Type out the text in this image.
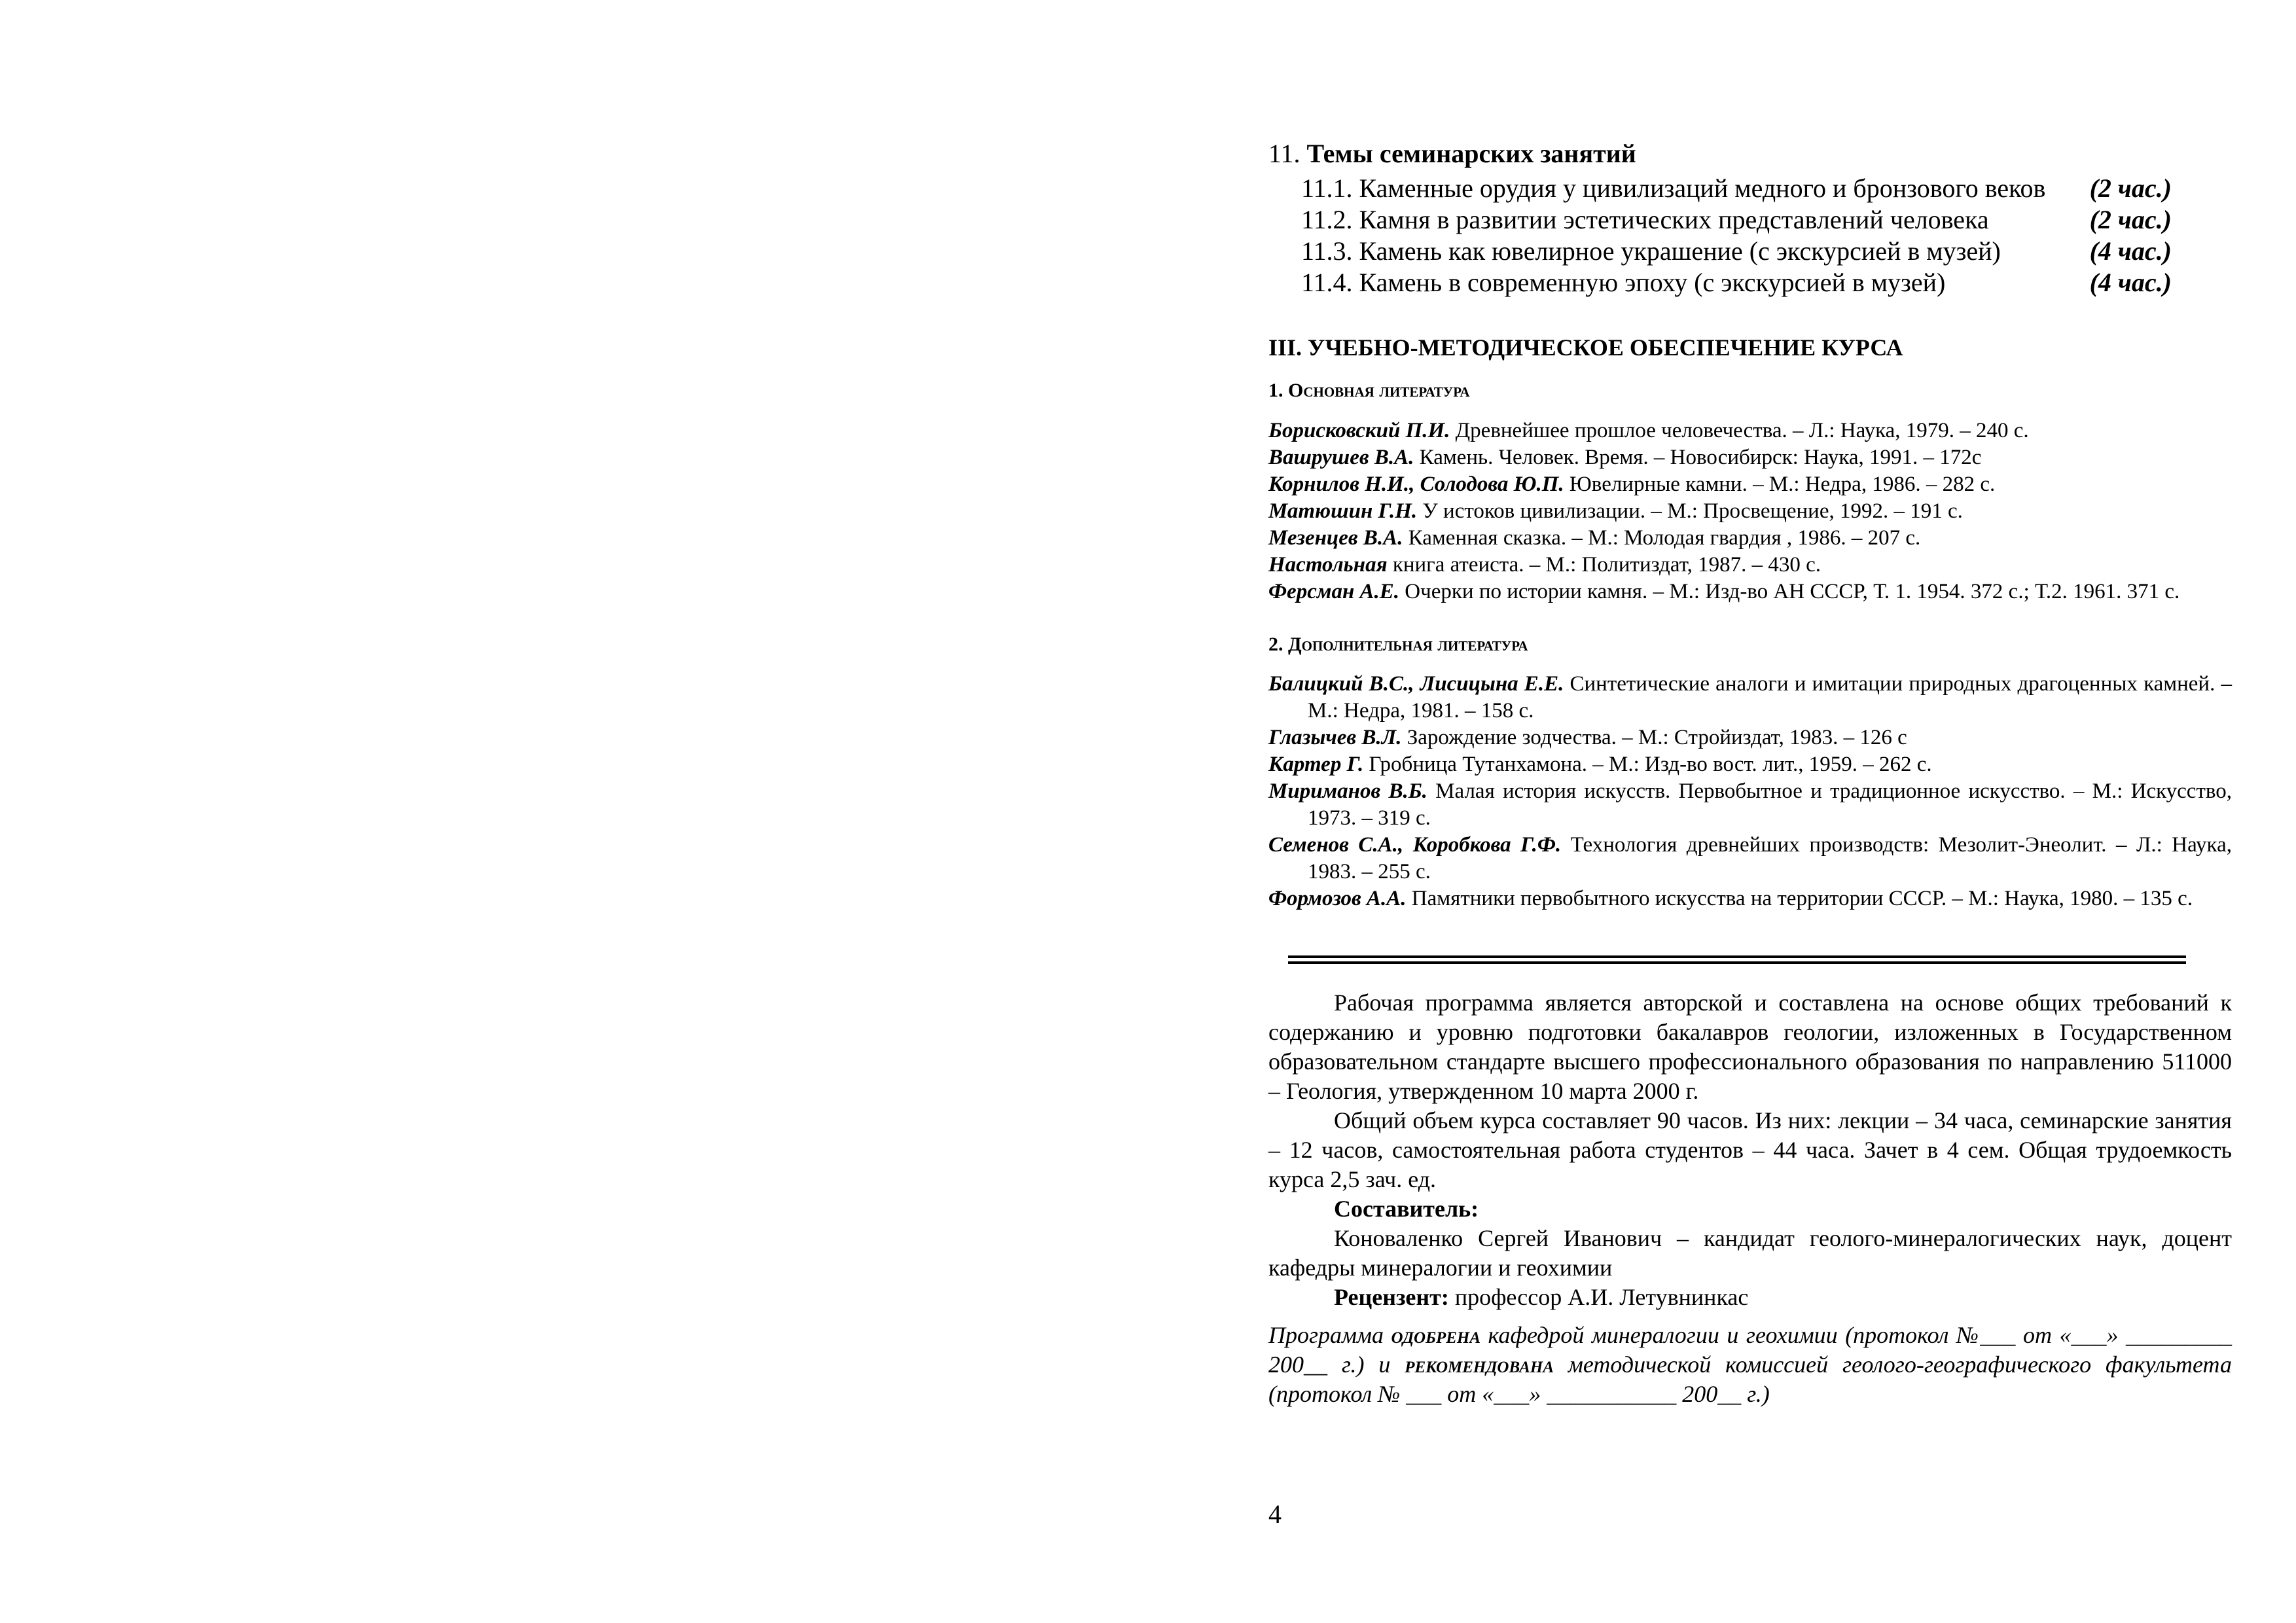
11. Темы семинарских занятий
11.1. Каменные орудия у цивилизаций медного и бронзового веков (2 час.)
11.2. Камня в развитии эстетических представлений человека	(2 час.)
11.3. Камень как ювелирное украшение (с экскурсией в музей)	(4 час.)
11.4. Камень в современную эпоху (с экскурсией в музей)	(4 час.)
III. УЧЕБНО-МЕТОДИЧЕСКОЕ ОБЕСПЕЧЕНИЕ КУРСА
1. Основная литература
Борисковский П.И. Древнейшее прошлое человечества. – Л.: Наука, 1979. – 240 с.
Вашрушев В.А. Камень. Человек. Время. – Новосибирск: Наука, 1991. – 172с
Корнилов Н.И., Солодова Ю.П. Ювелирные камни. – М.: Недра, 1986. – 282 с.
Матюшин Г.Н. У истоков цивилизации. – М.: Просвещение, 1992. – 191 с.
Мезенцев В.А. Каменная сказка. – М.: Молодая гвардия , 1986. – 207 с.
Настольная книга атеиста. – М.: Политиздат, 1987. – 430 с.
Ферсман А.Е. Очерки по истории камня. – М.: Изд-во АН СССР, Т. 1. 1954. 372 с.; Т.2. 1961. 371 с.
2. Дополнительная литература
Балицкий В.С., Лисицына Е.Е. Синтетические аналоги и имитации природных драгоценных камней. – М.: Недра, 1981. – 158 с.
Глазычев В.Л. Зарождение зодчества. – М.: Стройиздат, 1983. – 126 с
Картер Г. Гробница Тутанхамона. – М.: Изд-во вост. лит., 1959. – 262 с.
Мириманов В.Б. Малая история искусств. Первобытное и традиционное искусство. – М.: Искусство, 1973. – 319 с.
Семенов С.А., Коробкова Г.Ф. Технология древнейших производств: Мезолит-Энеолит. – Л.: Наука, 1983. – 255 с.
Формозов А.А. Памятники первобытного искусства на территории СССР. – М.: Наука, 1980. – 135 с.

Рабочая программа является авторской и составлена на основе общих требований к содержанию и уровню подготовки бакалавров геологии, изложенных в Государственном образовательном стандарте высшего профессионального образования по направлению 511000 – Геология, утвержденном 10 марта 2000 г.

Общий объем курса составляет 90 часов. Из них: лекции – 34 часа, семинарские занятия – 12 часов, самостоятельная работа студентов – 44 часа. Зачет в 4 сем. Общая трудоемкость курса 2,5 зач. ед.

Составитель:

Коноваленко Сергей Иванович – кандидат геолого-минералогических наук, доцент кафедры минералогии и геохимии

Рецензент: профессор А.И. Летувнинкас

Программа одобрена кафедрой минералогии и геохимии (протокол №___ от «___» _________ 200__ г.) и рекомендована методической комиссией геолого-географического факультета (протокол № ___ от «___» ___________ 200__ г.)
4
